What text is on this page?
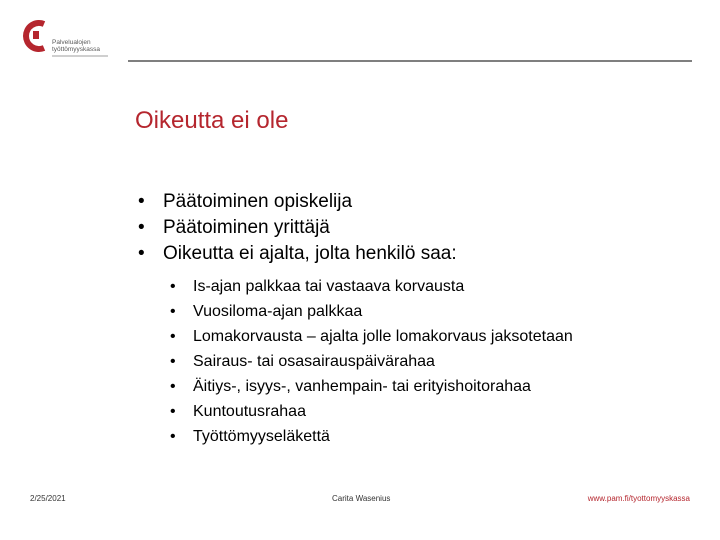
Palvelualojen
työttömyyskassa
Oikeutta ei ole
• Päätoiminen opiskelija
• Päätoiminen yrittäjä
• Oikeutta ei ajalta, jolta henkilö saa:
• Is-ajan palkkaa tai vastaava korvausta
• Vuosiloma-ajan palkkaa
• Lomakorvausta – ajalta jolle lomakorvaus jaksotetaan
• Sairaus- tai osasairauspäivärahaa
• Äitiys-, isyys-, vanhempain- tai erityishoitorahaa
• Kuntoutusrahaa
• Työttömyyseläkettä
2/25/2021	Carita Wasenius	www.pam.fi/tyottomyyskassa
